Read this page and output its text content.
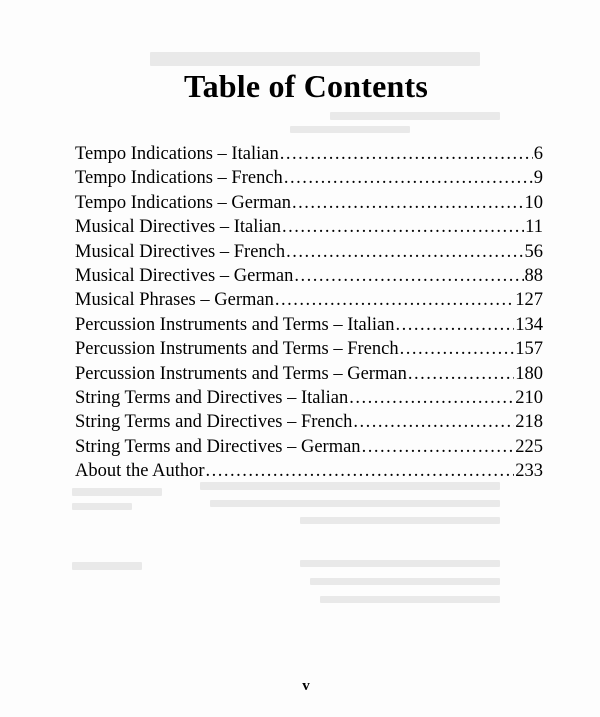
Table of Contents
Tempo Indications – Italian .....	6
Tempo Indications – French .....	9
Tempo Indications – German .....	10
Musical Directives – Italian .....	11
Musical Directives – French .....	56
Musical Directives – German .....	88
Musical Phrases – German .....	127
Percussion Instruments and Terms – Italian .....	134
Percussion Instruments and Terms – French .....	157
Percussion Instruments and Terms – German .....	180
String Terms and Directives – Italian .....	210
String Terms and Directives – French .....	218
String Terms and Directives – German .....	225
About the Author .....	233
v
